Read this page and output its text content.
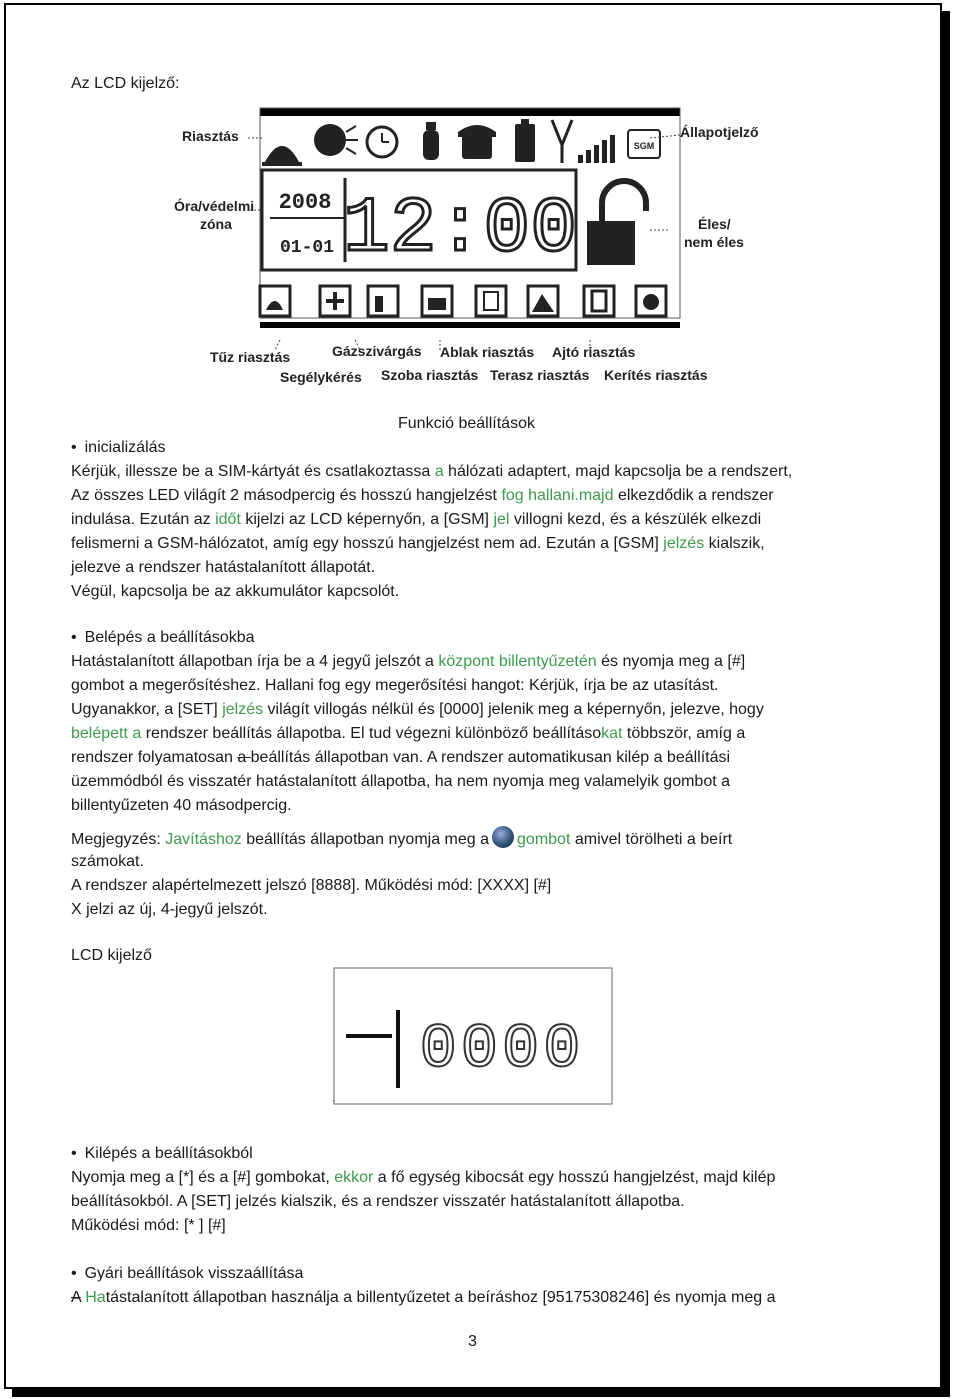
Az LCD kijelző:
SGM
2008
01-01 12:00
Riasztás	Állapotjelző
Óra/védelmi
zóna	Éles/
nem éles
Tűz riasztás	Gázszivárgás Ablak riasztás Ajtó riasztás
Segélykérés Szoba riasztás Terasz riasztás Kerítés riasztás
Funkció beállítások
• inicializálás
Kérjük, illessze be a SIM-kártyát és csatlakoztassa a hálózati adaptert, majd kapcsolja be a rendszert,
Az összes LED világít 2 másodpercig és hosszú hangjelzést fog hallani.majd elkezdődik a rendszer
indulása. Ezután az időt kijelzi az LCD képernyőn, a [GSM] jel villogni kezd, és a készülék elkezdi
felismerni a GSM-hálózatot, amíg egy hosszú hangjelzést nem ad. Ezután a [GSM] jelzés kialszik,
jelezve a rendszer hatástalanított állapotát.
Végül, kapcsolja be az akkumulátor kapcsolót.
• Belépés a beállításokba
Hatástalanított állapotban írja be a 4 jegyű jelszót a központ billentyűzetén és nyomja meg a [#]
gombot a megerősítéshez. Hallani fog egy megerősítési hangot: Kérjük, írja be az utasítást.
Ugyanakkor, a [SET] jelzés világít villogás nélkül és [0000] jelenik meg a képernyőn, jelezve, hogy
belépett a rendszer beállítás állapotba. El tud végezni különböző beállításokat többször, amíg a
rendszer folyamatosan a beállítás állapotban van. A rendszer automatikusan kilép a beállítási
üzemmódból és visszatér hatástalanított állapotba, ha nem nyomja meg valamelyik gombot a
billentyűzeten 40 másodpercig.
Megjegyzés: Javításhoz beállítás állapotban nyomja meg a gombot amivel törölheti a beírt
számokat.
A rendszer alapértelmezett jelszó [8888]. Működési mód: [XXXX] [#]
X jelzi az új, 4-jegyű jelszót.
LCD kijelző
0000
:
• Kilépés a beállításokból
Nyomja meg a [*] és a [#] gombokat, ekkor a fő egység kibocsát egy hosszú hangjelzést, majd kilép
beállításokból. A [SET] jelzés kialszik, és a rendszer visszatér hatástalanított állapotba.
Működési mód: [* ] [#]
• Gyári beállítások visszaállítása
A Hatástalanított állapotban használja a billentyűzetet a beíráshoz [95175308246] és nyomja meg a
3
